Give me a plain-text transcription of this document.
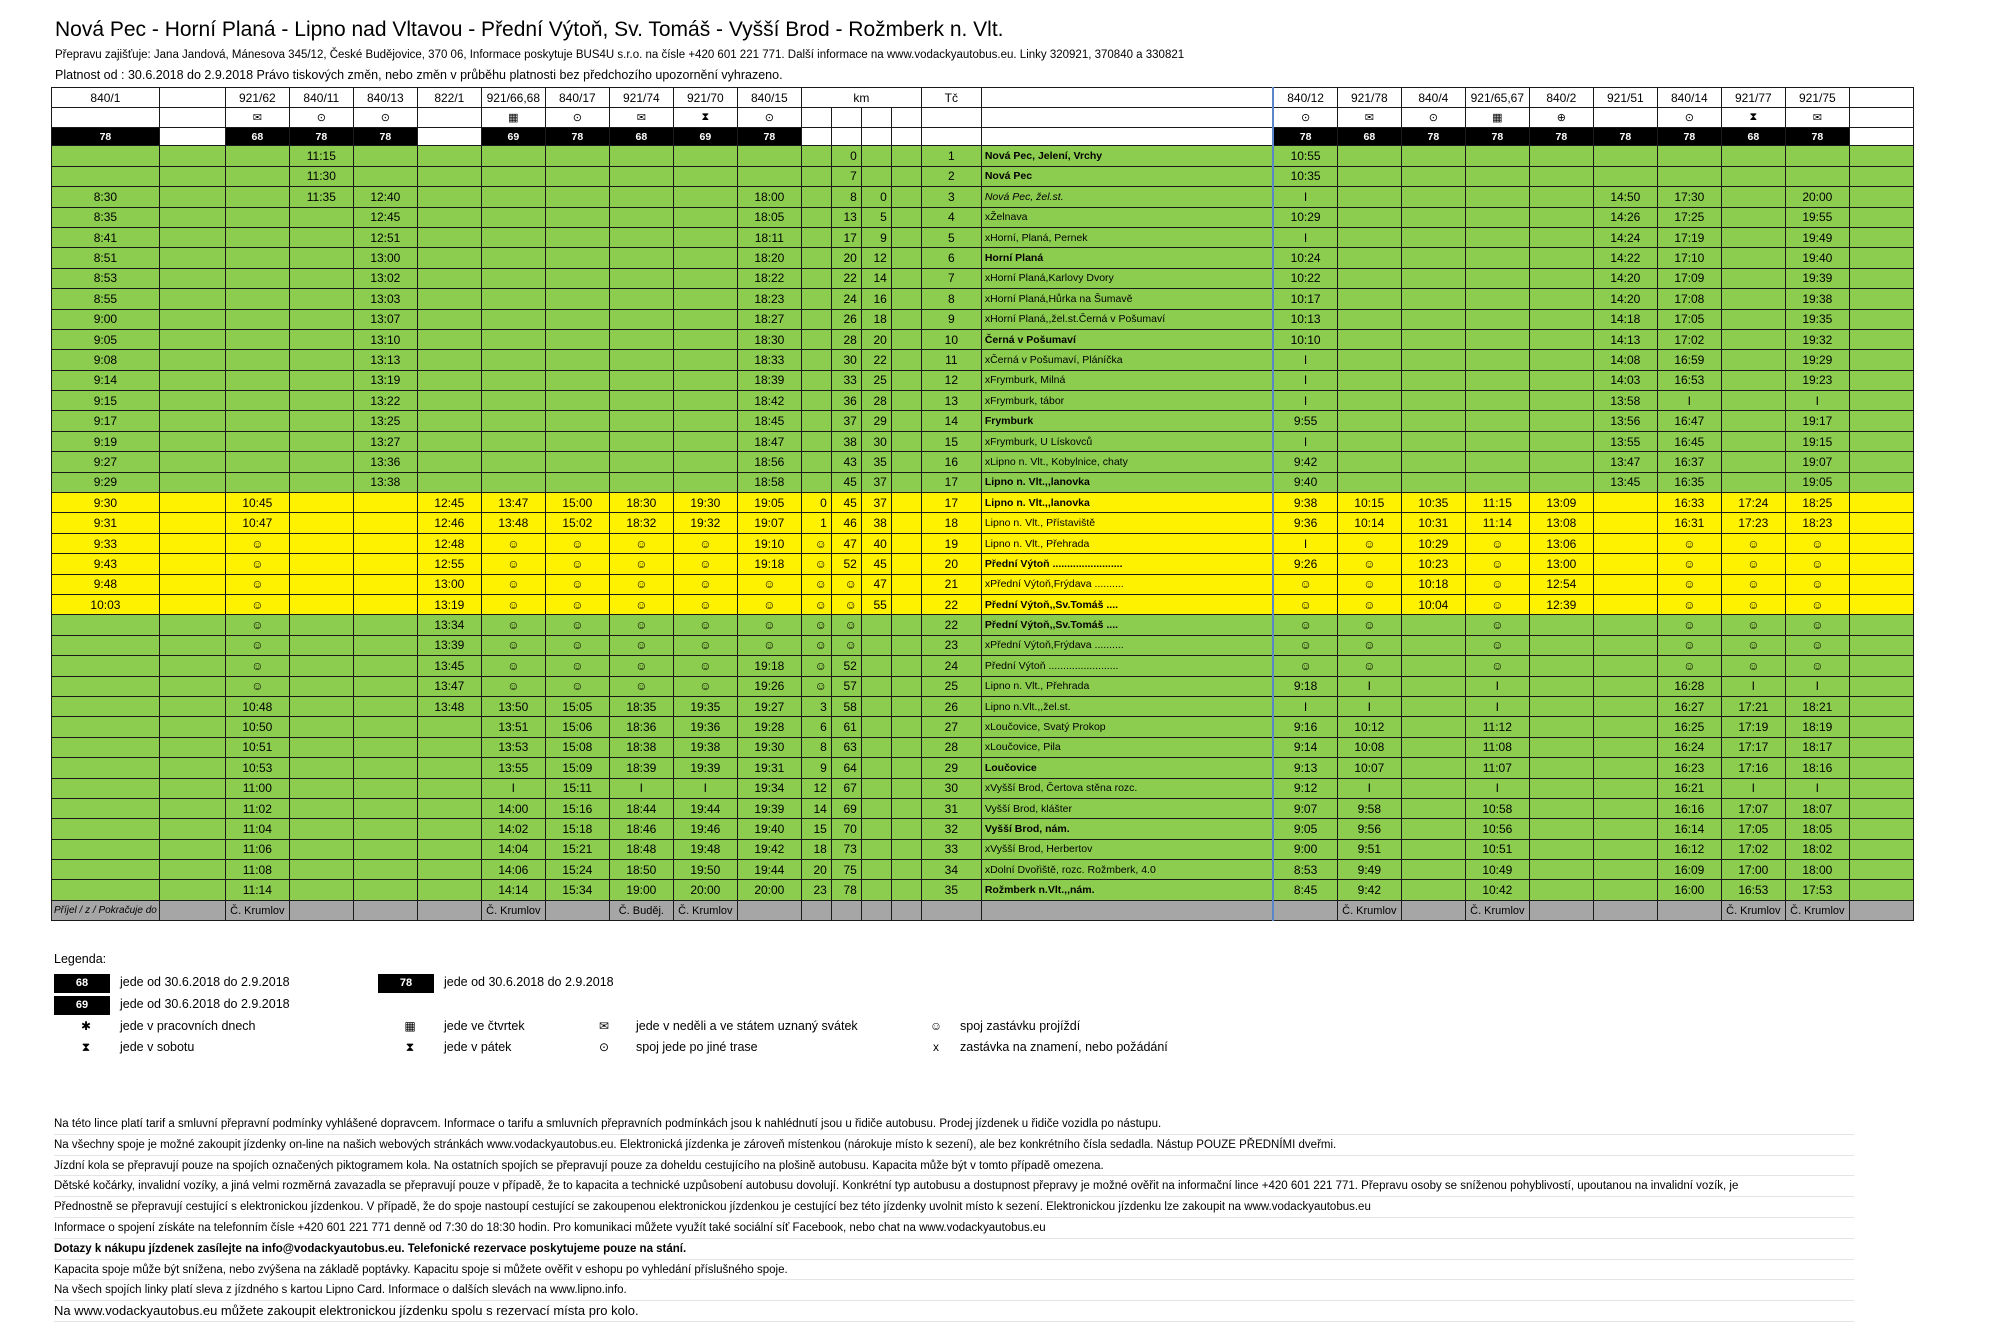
Nová Pec - Horní Planá - Lipno nad Vltavou - Přední Výtoň, Sv. Tomáš - Vyšší Brod - Rožmberk n. Vlt.
Přepravu zajišťuje: Jana Jandová, Mánesova 345/12, České Budějovice, 370 06, Informace poskytuje BUS4U s.r.o. na čísle +420 601 221 771. Další informace na www.vodackyautobus.eu. Linky 320921, 370840 a 330821
Platnost od : 30.6.2018 do 2.9.2018 Právo tiskových změn, nebo změn v průběhu platnosti bez předchozího upozornění vyhrazeno.
840/1		921/62	840/11	840/13	822/1	921/66,68	840/17	921/74	921/70	840/15	km				Tč		840/12	921/78	840/4	921/65,67	840/2	921/51	840/14	921/77	921/75	
		✉	⊙	⊙		▦	⊙	✉	⧗	⊙							⊙	✉	⊙	▦	⊕		⊙	⧗	✉	
78		68	78	78		69	78	68	69	78							78	68	78	78	78	78	78	68	78	
			11:15									0			1	Nová Pec, Jelení, Vrchy	10:55									
			11:30									7			2	Nová Pec	10:35									
8:30			11:35	12:40						18:00		8	0		3	Nová Pec, žel.st.	I					14:50	17:30		20:00	
8:35				12:45						18:05		13	5		4	xŽelnava	10:29					14:26	17:25		19:55	
8:41				12:51						18:11		17	9		5	xHorní, Planá, Pernek	I					14:24	17:19		19:49	
8:51				13:00						18:20		20	12		6	Horní Planá	10:24					14:22	17:10		19:40	
8:53				13:02						18:22		22	14		7	xHorní Planá,Karlovy Dvory	10:22					14:20	17:09		19:39	
8:55				13:03						18:23		24	16		8	xHorní Planá,Hůrka na Šumavě	10:17					14:20	17:08		19:38	
9:00				13:07						18:27		26	18		9	xHorní Planá,,žel.st.Černá v Pošumaví	10:13					14:18	17:05		19:35	
9:05				13:10						18:30		28	20		10	Černá v Pošumaví	10:10					14:13	17:02		19:32	
9:08				13:13						18:33		30	22		11	xČerná v Pošumaví, Pláníčka	I					14:08	16:59		19:29	
9:14				13:19						18:39		33	25		12	xFrymburk, Milná	I					14:03	16:53		19:23	
9:15				13:22						18:42		36	28		13	xFrymburk, tábor	I					13:58	I		I	
9:17				13:25						18:45		37	29		14	Frymburk	9:55					13:56	16:47		19:17	
9:19				13:27						18:47		38	30		15	xFrymburk, U Lískovců	I					13:55	16:45		19:15	
9:27				13:36						18:56		43	35		16	xLipno n. Vlt., Kobylnice, chaty	9:42					13:47	16:37		19:07	
9:29				13:38						18:58		45	37		17	Lipno n. Vlt.,,lanovka	9:40					13:45	16:35		19:05	
9:30		10:45			12:45	13:47	15:00	18:30	19:30	19:05	0	45	37		17	Lipno n. Vlt.,,lanovka	9:38	10:15	10:35	11:15	13:09		16:33	17:24	18:25	
9:31		10:47			12:46	13:48	15:02	18:32	19:32	19:07	1	46	38		18	Lipno n. Vlt., Přístaviště	9:36	10:14	10:31	11:14	13:08		16:31	17:23	18:23	
9:33		☺			12:48	☺	☺	☺	☺	19:10	☺	47	40		19	Lipno n. Vlt., Přehrada	I	☺	10:29	☺	13:06		☺	☺	☺	
9:43		☺			12:55	☺	☺	☺	☺	19:18	☺	52	45		20	Přední Výtoň ........................	9:26	☺	10:23	☺	13:00		☺	☺	☺	
9:48		☺			13:00	☺	☺	☺	☺	☺	☺	☺	47		21	xPřední Výtoň,Frýdava ..........	☺	☺	10:18	☺	12:54		☺	☺	☺	
10:03		☺			13:19	☺	☺	☺	☺	☺	☺	☺	55		22	Přední Výtoň,,Sv.Tomáš ....	☺	☺	10:04	☺	12:39		☺	☺	☺	
		☺			13:34	☺	☺	☺	☺	☺	☺	☺			22	Přední Výtoň,,Sv.Tomáš ....	☺	☺		☺			☺	☺	☺	
		☺			13:39	☺	☺	☺	☺	☺	☺	☺			23	xPřední Výtoň,Frýdava ..........	☺	☺		☺			☺	☺	☺	
		☺			13:45	☺	☺	☺	☺	19:18	☺	52			24	Přední Výtoň ........................	☺	☺		☺			☺	☺	☺	
		☺			13:47	☺	☺	☺	☺	19:26	☺	57			25	Lipno n. Vlt., Přehrada	9:18	I		I			16:28	I	I	
		10:48			13:48	13:50	15:05	18:35	19:35	19:27	3	58			26	Lipno n.Vlt.,,žel.st.	I	I		I			16:27	17:21	18:21	
		10:50				13:51	15:06	18:36	19:36	19:28	6	61			27	xLoučovice, Svatý Prokop	9:16	10:12		11:12			16:25	17:19	18:19	
		10:51				13:53	15:08	18:38	19:38	19:30	8	63			28	xLoučovice, Pila	9:14	10:08		11:08			16:24	17:17	18:17	
		10:53				13:55	15:09	18:39	19:39	19:31	9	64			29	Loučovice	9:13	10:07		11:07			16:23	17:16	18:16	
		11:00				I	15:11	I	I	19:34	12	67			30	xVyšší Brod, Čertova stěna rozc.	9:12	I		I			16:21	I	I	
		11:02				14:00	15:16	18:44	19:44	19:39	14	69			31	Vyšší Brod, klášter	9:07	9:58		10:58			16:16	17:07	18:07	
		11:04				14:02	15:18	18:46	19:46	19:40	15	70			32	Vyšší Brod, nám.	9:05	9:56		10:56			16:14	17:05	18:05	
		11:06				14:04	15:21	18:48	19:48	19:42	18	73			33	xVyšší Brod, Herbertov	9:00	9:51		10:51			16:12	17:02	18:02	
		11:08				14:06	15:24	18:50	19:50	19:44	20	75			34	xDolní Dvořiště, rozc. Rožmberk, 4.0	8:53	9:49		10:49			16:09	17:00	18:00	
		11:14				14:14	15:34	19:00	20:00	20:00	23	78			35	Rožmberk n.Vlt.,,nám.	8:45	9:42		10:42			16:00	16:53	17:53	
Příjel / z / Pokračuje do		Č. Krumlov				Č. Krumlov		Č. Buděj.	Č. Krumlov									Č. Krumlov		Č. Krumlov				Č. Krumlov	Č. Krumlov	
Legenda:
68	jede od 30.6.2018 do 2.9.2018
69	jede od 30.6.2018 do 2.9.2018
78	jede od 30.6.2018 do 2.9.2018
✱	jede v pracovních dnech
⧗	jede v sobotu
▦	jede ve čtvrtek
⧗	jede v pátek
✉	jede v neděli a ve státem uznaný svátek
⊙	spoj jede po jiné trase
☺	spoj zastávku projíždí
x	zastávka na znamení, nebo požádání
Na této lince platí tarif a smluvní přepravní podmínky vyhlášené dopravcem. Informace o tarifu a smluvních přepravních podmínkách jsou k nahlédnutí jsou u řidiče autobusu. Prodej jízdenek u řidiče vozidla po nástupu.
Na všechny spoje je možné zakoupit jízdenky on-line na našich webových stránkách www.vodackyautobus.eu. Elektronická jízdenka je zároveň místenkou (nárokuje místo k sezení), ale bez konkrétního čísla sedadla. Nástup POUZE PŘEDNÍMI dveřmi.
Jízdní kola se přepravují pouze na spojích označených piktogramem kola. Na ostatních spojích se přepravují pouze za doheldu cestujícího na plošině autobusu. Kapacita může být v tomto případě omezena.
Dětské kočárky, invalidní vozíky, a jiná velmi rozměrná zavazadla se přepravují pouze v případě, že to kapacita a technické uzpůsobení autobusu dovolují. Konkrétní typ autobusu a dostupnost přepravy je možné ověřit na informační lince +420 601 221 771. Přepravu osoby se sníženou pohyblivostí, upoutanou na invalidní vozík, je
Přednostně se přepravují cestující s elektronickou jízdenkou. V případě, že do spoje nastoupí cestující se zakoupenou elektronickou jízdenkou je cestující bez této jízdenky uvolnit místo k sezení. Elektronickou jízdenku lze zakoupit na www.vodackyautobus.eu
Informace o spojení získáte na telefonním čísle +420 601 221 771 denně od 7:30 do 18:30 hodin. Pro komunikaci můžete využít také sociální síť Facebook, nebo chat na www.vodackyautobus.eu
Dotazy k nákupu jízdenek zasílejte na info@vodackyautobus.eu. Telefonické rezervace poskytujeme pouze na stání.
Kapacita spoje může být snížena, nebo zvýšena na základě poptávky. Kapacitu spoje si můžete ověřit v eshopu po vyhledání příslušného spoje.
Na všech spojích linky platí sleva z jízdného s kartou Lipno Card. Informace o dalších slevách na www.lipno.info.
Na www.vodackyautobus.eu můžete zakoupit elektronickou jízdenku spolu s rezervací místa pro kolo.
